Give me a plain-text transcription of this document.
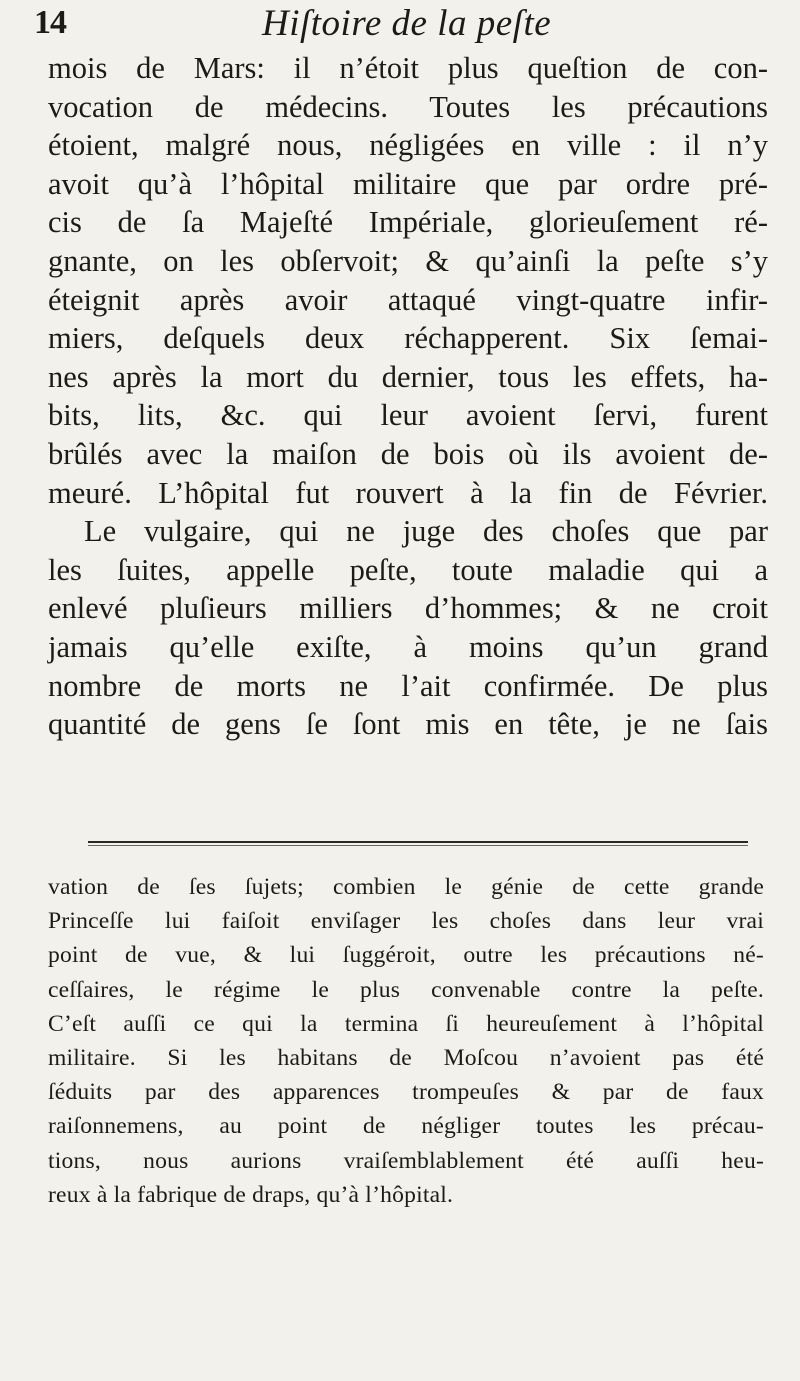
14	Hiſtoire de la peſte
mois de Mars: il n’étoit plus queſtion de con-
vocation de médecins. Toutes les précautions
étoient, malgré nous, négligées en ville : il n’y
avoit qu’à l’hôpital militaire que par ordre pré-
cis de ſa Majeſté Impériale, glorieuſement ré-
gnante, on les obſervoit; & qu’ainſi la peſte s’y
éteignit après avoir attaqué vingt-quatre infir-
miers, deſquels deux réchapperent. Six ſemai-
nes après la mort du dernier, tous les effets, ha-
bits, lits, &c. qui leur avoient ſervi, furent
brûlés avec la maiſon de bois où ils avoient de-
meuré. L’hôpital fut rouvert à la fin de Février.
Le vulgaire, qui ne juge des choſes que par
les ſuites, appelle peſte, toute maladie qui a
enlevé pluſieurs milliers d’hommes; & ne croit
jamais qu’elle exiſte, à moins qu’un grand
nombre de morts ne l’ait confirmée. De plus
quantité de gens ſe ſont mis en tête, je ne ſais
vation de ſes ſujets; combien le génie de cette grande
Princeſſe lui faiſoit enviſager les choſes dans leur vrai
point de vue, & lui ſuggéroit, outre les précautions né-
ceſſaires, le régime le plus convenable contre la peſte.
C’eſt auſſi ce qui la termina ſi heureuſement à l’hôpital
militaire. Si les habitans de Moſcou n’avoient pas été
ſéduits par des apparences trompeuſes & par de faux
raiſonnemens, au point de négliger toutes les précau-
tions, nous aurions vraiſemblablement été auſſi heu-
reux à la fabrique de draps, qu’à l’hôpital.
